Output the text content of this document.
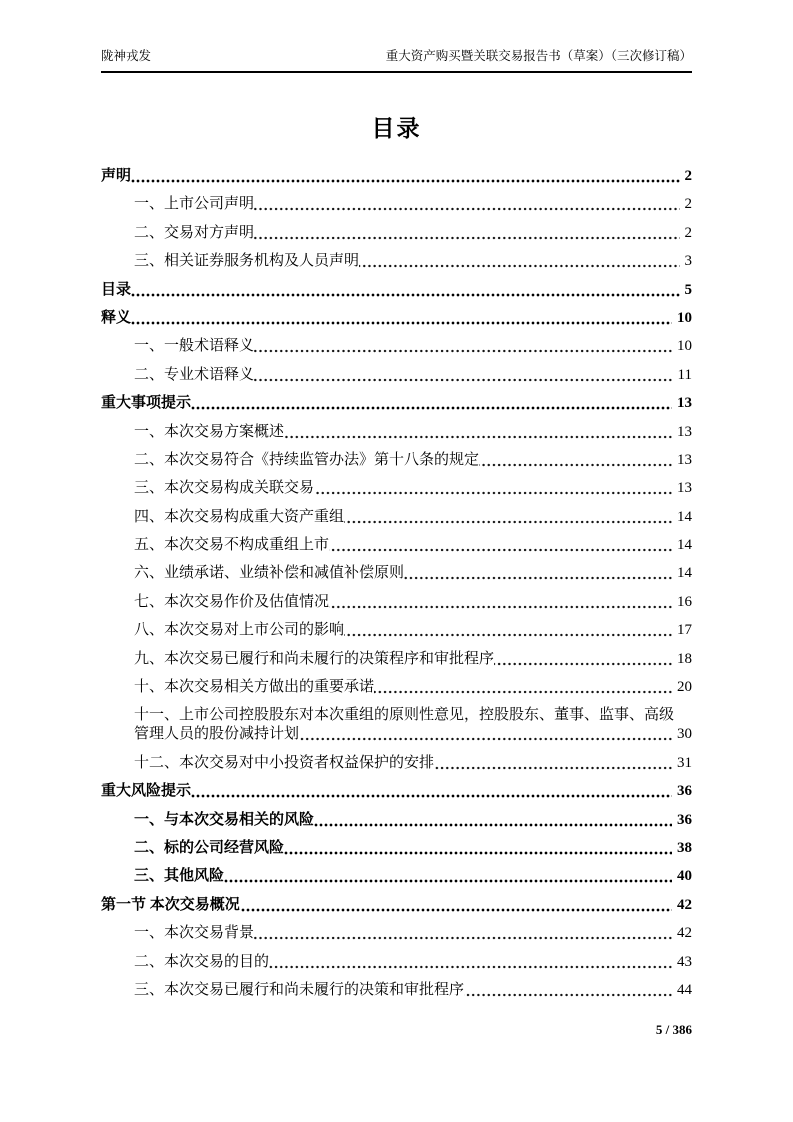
陇神戎发	重大资产购买暨关联交易报告书（草案）（三次修订稿）
目录
声明	2
一、上市公司声明	2
二、交易对方声明	2
三、相关证券服务机构及人员声明	3
目录	5
释义	10
一、一般术语释义	10
二、专业术语释义	11
重大事项提示	13
一、本次交易方案概述	13
二、本次交易符合《持续监管办法》第十八条的规定	13
三、本次交易构成关联交易	13
四、本次交易构成重大资产重组	14
五、本次交易不构成重组上市	14
六、业绩承诺、业绩补偿和减值补偿原则	14
七、本次交易作价及估值情况	16
八、本次交易对上市公司的影响	17
九、本次交易已履行和尚未履行的决策程序和审批程序	18
十、本次交易相关方做出的重要承诺	20
十一、上市公司控股股东对本次重组的原则性意见，控股股东、董事、监事、高级管理人员的股份减持计划	30
十二、本次交易对中小投资者权益保护的安排	31
重大风险提示	36
一、与本次交易相关的风险	36
二、标的公司经营风险	38
三、其他风险	40
第一节 本次交易概况	42
一、本次交易背景	42
二、本次交易的目的	43
三、本次交易已履行和尚未履行的决策和审批程序	44
5 / 386
